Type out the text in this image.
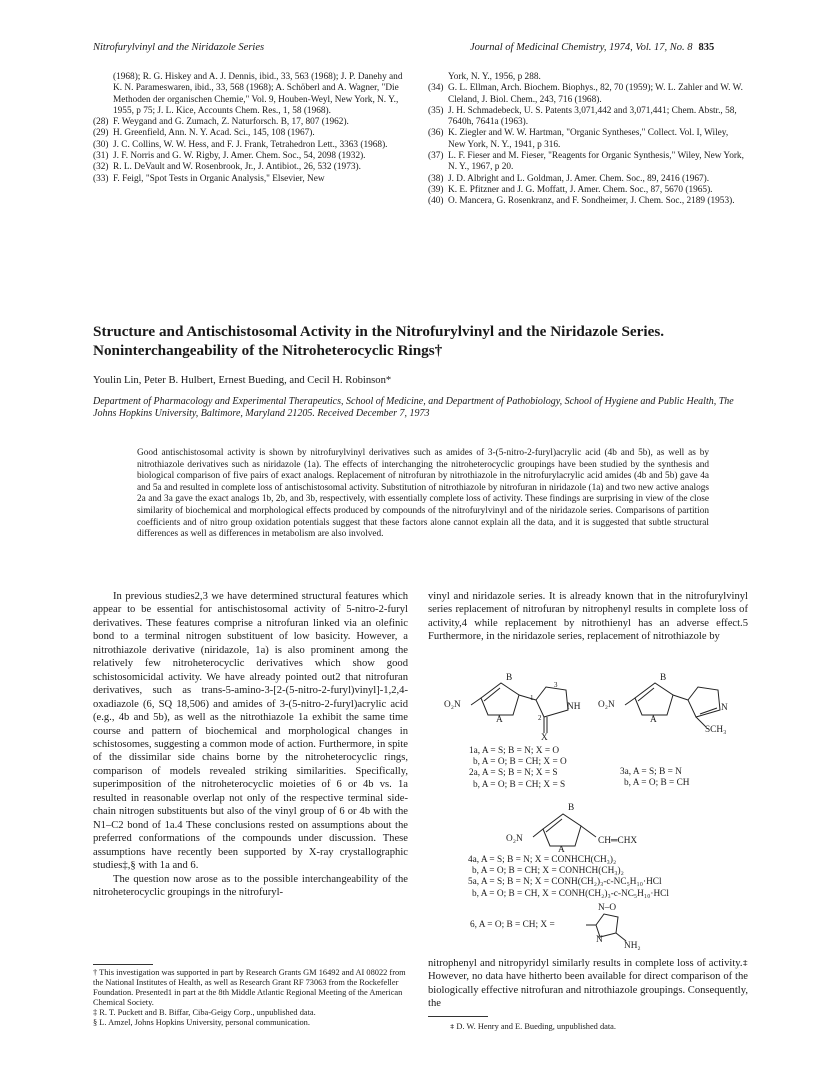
Nitrofurylvinyl and the Niridazole Series	Journal of Medicinal Chemistry, 1974, Vol. 17, No. 8 835
(1968); R. G. Hiskey and A. J. Dennis, ibid., 33, 563 (1968); J. P. Danehy and K. N. Parameswaren, ibid., 33, 568 (1968); A. Schöberl and A. Wagner, "Die Methoden der organischen Chemie," Vol. 9, Houben-Weyl, New York, N. Y., 1955, p 75; J. L. Kice, Accounts Chem. Res., 1, 58 (1968).
(28) F. Weygand and G. Zumach, Z. Naturforsch. B, 17, 807 (1962).
(29) H. Greenfield, Ann. N. Y. Acad. Sci., 145, 108 (1967).
(30) J. C. Collins, W. W. Hess, and F. J. Frank, Tetrahedron Lett., 3363 (1968).
(31) J. F. Norris and G. W. Rigby, J. Amer. Chem. Soc., 54, 2098 (1932).
(32) R. L. DeVault and W. Rosenbrook, Jr., J. Antibiot., 26, 532 (1973).
(33) F. Feigl, "Spot Tests in Organic Analysis," Elsevier, New
York, N. Y., 1956, p 288.
(34) G. L. Ellman, Arch. Biochem. Biophys., 82, 70 (1959); W. L. Zahler and W. W. Cleland, J. Biol. Chem., 243, 716 (1968).
(35) J. H. Schmadebeck, U. S. Patents 3,071,442 and 3,071,441; Chem. Abstr., 58, 7640h, 7641a (1963).
(36) K. Ziegler and W. W. Hartman, "Organic Syntheses," Collect. Vol. I, Wiley, New York, N. Y., 1941, p 316.
(37) L. F. Fieser and M. Fieser, "Reagents for Organic Synthesis," Wiley, New York, N. Y., 1967, p 20.
(38) J. D. Albright and L. Goldman, J. Amer. Chem. Soc., 89, 2416 (1967).
(39) K. E. Pfitzner and J. G. Moffatt, J. Amer. Chem. Soc., 87, 5670 (1965).
(40) O. Mancera, G. Rosenkranz, and F. Sondheimer, J. Chem. Soc., 2189 (1953).
Structure and Antischistosomal Activity in the Nitrofurylvinyl and the Niridazole Series. Noninterchangeability of the Nitroheterocyclic Rings†
Youlin Lin, Peter B. Hulbert, Ernest Bueding, and Cecil H. Robinson*
Department of Pharmacology and Experimental Therapeutics, School of Medicine, and Department of Pathobiology, School of Hygiene and Public Health, The Johns Hopkins University, Baltimore, Maryland 21205. Received December 7, 1973
Good antischistosomal activity is shown by nitrofurylvinyl derivatives such as amides of 3-(5-nitro-2-furyl)acrylic acid (4b and 5b), as well as by nitrothiazole derivatives such as niridazole (1a). The effects of interchanging the nitroheterocyclic groupings have been studied by the synthesis and biological comparison of five pairs of exact analogs. Replacement of nitrofuran by nitrothiazole in the nitrofurylacrylic acid amides (4b and 5b) gave 4a and 5a and resulted in complete loss of antischistosomal activity. Substitution of nitrothiazole by nitrofuran in niridazole (1a) and two new active analogs 2a and 3a gave the exact analogs 1b, 2b, and 3b, respectively, with essentially complete loss of activity. These findings are surprising in view of the close similarity of biochemical and morphological effects produced by compounds of the nitrofurylvinyl and of the niridazole series. Comparisons of partition coefficients and of nitro group oxidation potentials suggest that these factors alone cannot explain all the data, and it is suggested that subtle structural differences as well as differences in metabolism are also involved.

In previous studies2,3 we have determined structural features which appear to be essential for antischistosomal activity of 5-nitro-2-furyl derivatives. These features comprise a nitrofuran linked via an olefinic bond to a terminal nitrogen substituent of low basicity. However, a nitrothiazole derivative (niridazole, 1a) is also prominent among the relatively few nitroheterocyclic derivatives which show good schistosomicidal activity. We have already pointed out2 that nitrofuran derivatives, such as trans-5-amino-3-[2-(5-nitro-2-furyl)vinyl]-1,2,4-oxadiazole (6, SQ 18,506) and amides of 3-(5-nitro-2-furyl)acrylic acid (e.g., 4b and 5b), as well as the nitrothiazole 1a exhibit the same time course and pattern of biochemical and morphological changes in schistosomes, suggesting a common mode of action. Furthermore, in spite of the dissimilar side chains borne by the nitroheterocyclic rings, comparison of models revealed striking similarities. Specifically, superimposition of the nitroheterocyclic moieties of 6 or 4b vs. 1a resulted in reasonable overlap not only of the respective terminal side-chain nitrogen substituents but also of the vinyl group of 6 or 4b with the N1–C2 bond of 1a.4 These conclusions rested on assumptions about the preferred conformations of the compounds under discussion. These assumptions have recently been supported by X-ray crystallographic studies‡,§ with 1a and 6.

The question now arose as to the possible interchangeability of the nitroheterocyclic groupings in the nitrofuryl-

† This investigation was supported in part by Research Grants GM 16492 and AI 08022 from the National Institutes of Health, as well as Research Grant RF 73063 from the Rockefeller Foundation. Presented1 in part at the 8th Middle Atlantic Regional Meeting of the American Chemical Society.
‡ R. T. Puckett and B. Biffar, Ciba-Geigy Corp., unpublished data.
§ L. Amzel, Johns Hopkins University, personal communication.
vinyl and niridazole series. It is already known that in the nitrofurylvinyl series replacement of nitrofuran by nitrophenyl results in complete loss of activity,4 while replacement by nitrothienyl has an adverse effect.5 Furthermore, in the niridazole series, replacement of nitrothiazole by
O₂N
B
A
1
2
3
NH
X
1a, A = S; B = N; X = O
b, A = O; B = CH; X = O
2a, A = S; B = N; X = S
b, A = O; B = CH; X = S
O₂N
B
A
N
SCH₃
3a, A = S; B = N
b, A = O; B = CH
O₂N
B
A
CH═CHX
4a, A = S; B = N; X = CONHCH(CH₃)₂
b, A = O; B = CH; X = CONHCH(CH₃)₂
5a, A = S; B = N; X = CONH(CH₂)₃-c-NC₅H₁₀·HCl
b, A = O; B = CH, X = CONH(CH₂)₃-c-NC₅H₁₀·HCl
6, A = O; B = CH; X =
N–O
N
NH₂
nitrophenyl and nitropyridyl similarly results in complete loss of activity.⧧ However, no data have hitherto been available for direct comparison of the biologically effective nitrofuran and nitrothiazole groupings. Consequently, the
⧧ D. W. Henry and E. Bueding, unpublished data.
